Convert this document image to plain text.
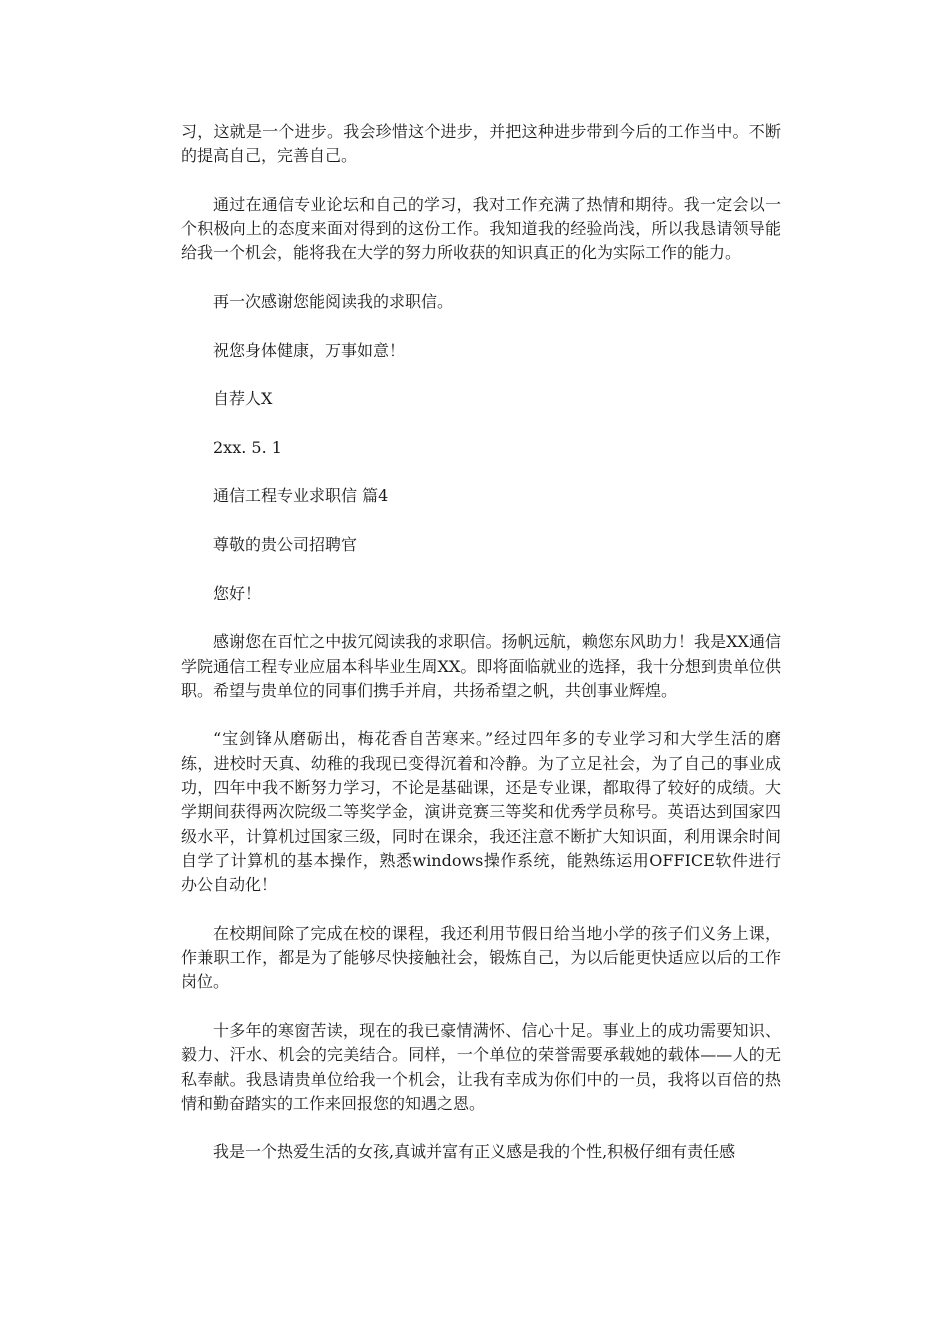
习，这就是一个进步。我会珍惜这个进步，并把这种进步带到今后的工作当中。不断的提高自己，完善自己。

通过在通信专业论坛和自己的学习，我对工作充满了热情和期待。我一定会以一个积极向上的态度来面对得到的这份工作。我知道我的经验尚浅，所以我恳请领导能给我一个机会，能将我在大学的努力所收获的知识真正的化为实际工作的能力。

再一次感谢您能阅读我的求职信。

祝您身体健康，万事如意！

自荐人X

2xx. 5. 1

通信工程专业求职信 篇4

尊敬的贵公司招聘官

您好！

感谢您在百忙之中拔冗阅读我的求职信。扬帆远航，赖您东风助力！我是XX通信学院通信工程专业应届本科毕业生周XX。即将面临就业的选择，我十分想到贵单位供职。希望与贵单位的同事们携手并肩，共扬希望之帆，共创事业辉煌。

“宝剑锋从磨砺出，梅花香自苦寒来。”经过四年多的专业学习和大学生活的磨练，进校时天真、幼稚的我现已变得沉着和冷静。为了立足社会，为了自己的事业成功，四年中我不断努力学习，不论是基础课，还是专业课，都取得了较好的成绩。大学期间获得两次院级二等奖学金，演讲竞赛三等奖和优秀学员称号。英语达到国家四级水平，计算机过国家三级，同时在课余，我还注意不断扩大知识面，利用课余时间自学了计算机的基本操作，熟悉windows操作系统，能熟练运用OFFICE软件进行办公自动化！

在校期间除了完成在校的课程，我还利用节假日给当地小学的孩子们义务上课，作兼职工作，都是为了能够尽快接触社会，锻炼自己，为以后能更快适应以后的工作岗位。

十多年的寒窗苦读，现在的我已豪情满怀、信心十足。事业上的成功需要知识、毅力、汗水、机会的完美结合。同样，一个单位的荣誉需要承载她的载体——人的无私奉献。我恳请贵单位给我一个机会，让我有幸成为你们中的一员，我将以百倍的热情和勤奋踏实的工作来回报您的知遇之恩。

我是一个热爱生活的女孩,真诚并富有正义感是我的个性,积极仔细有责任感
